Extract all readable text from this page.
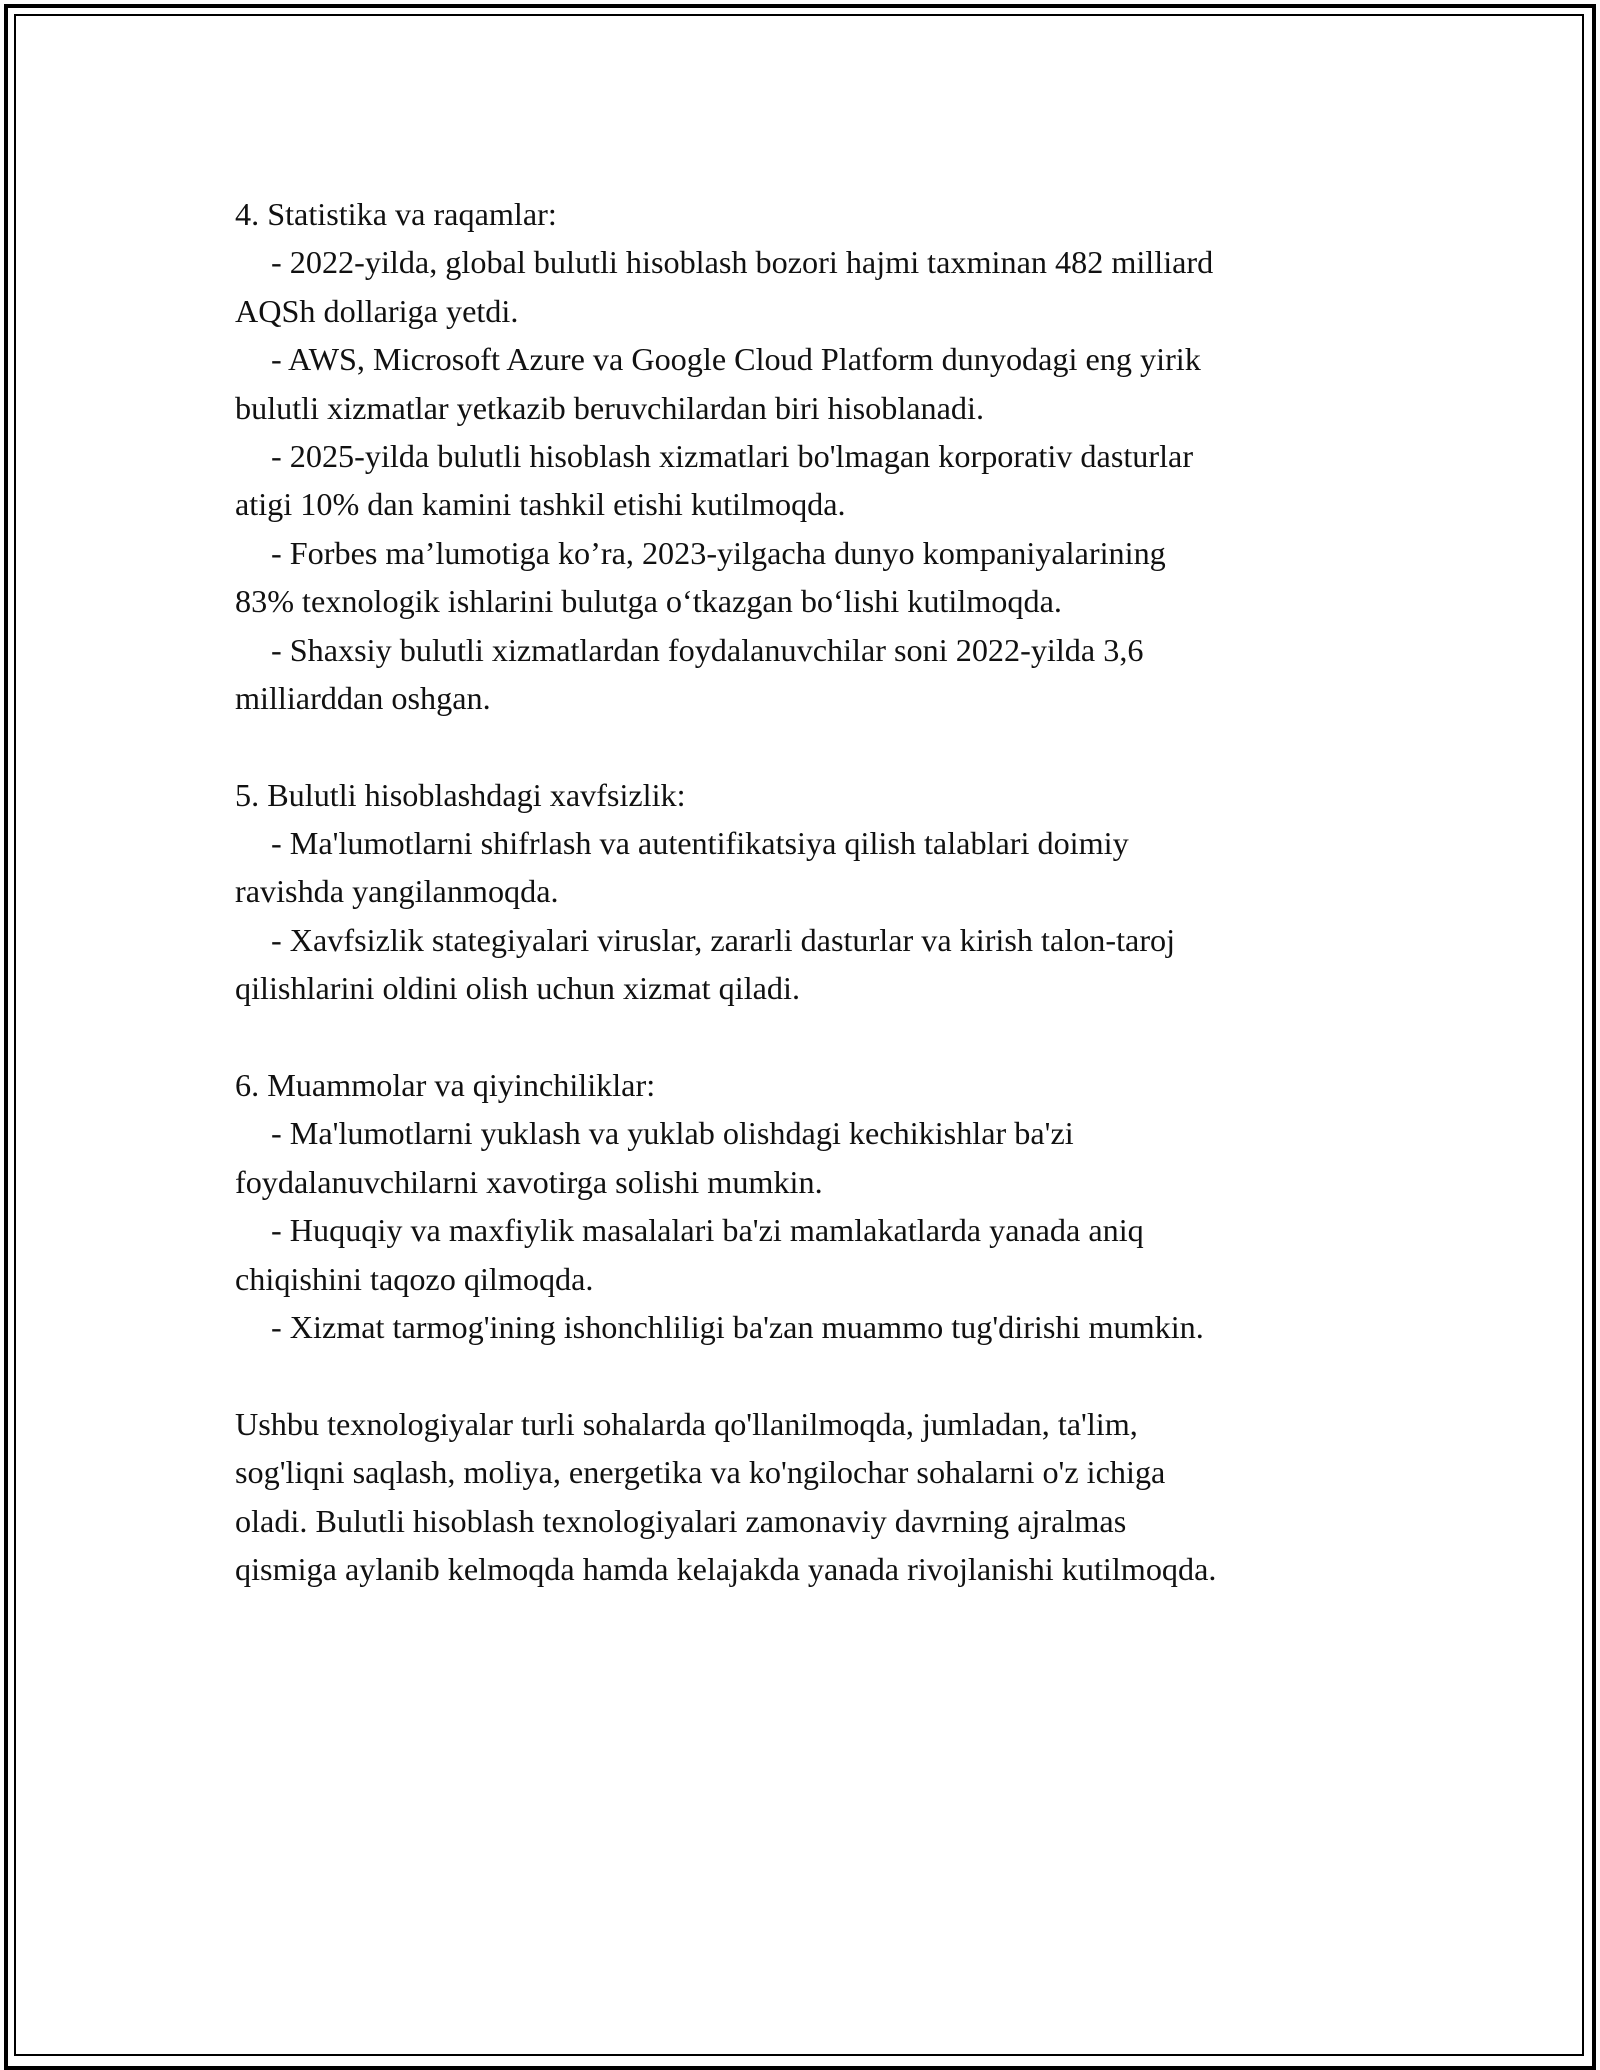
4. Statistika va raqamlar:
- 2022-yilda, global bulutli hisoblash bozori hajmi taxminan 482 milliard
AQSh dollariga yetdi.
- AWS, Microsoft Azure va Google Cloud Platform dunyodagi eng yirik
bulutli xizmatlar yetkazib beruvchilardan biri hisoblanadi.
- 2025-yilda bulutli hisoblash xizmatlari bo'lmagan korporativ dasturlar
atigi 10% dan kamini tashkil etishi kutilmoqda.
- Forbes ma’lumotiga ko’ra, 2023-yilgacha dunyo kompaniyalarining
83% texnologik ishlarini bulutga o‘tkazgan bo‘lishi kutilmoqda.
- Shaxsiy bulutli xizmatlardan foydalanuvchilar soni 2022-yilda 3,6
milliarddan oshgan.
5. Bulutli hisoblashdagi xavfsizlik:
- Ma'lumotlarni shifrlash va autentifikatsiya qilish talablari doimiy
ravishda yangilanmoqda.
- Xavfsizlik stategiyalari viruslar, zararli dasturlar va kirish talon-taroj
qilishlarini oldini olish uchun xizmat qiladi.
6. Muammolar va qiyinchiliklar:
- Ma'lumotlarni yuklash va yuklab olishdagi kechikishlar ba'zi
foydalanuvchilarni xavotirga solishi mumkin.
- Huquqiy va maxfiylik masalalari ba'zi mamlakatlarda yanada aniq
chiqishini taqozo qilmoqda.
- Xizmat tarmog'ining ishonchliligi ba'zan muammo tug'dirishi mumkin.
Ushbu texnologiyalar turli sohalarda qo'llanilmoqda, jumladan, ta'lim,
sog'liqni saqlash, moliya, energetika va ko'ngilochar sohalarni o'z ichiga
oladi. Bulutli hisoblash texnologiyalari zamonaviy davrning ajralmas
qismiga aylanib kelmoqda hamda kelajakda yanada rivojlanishi kutilmoqda.
